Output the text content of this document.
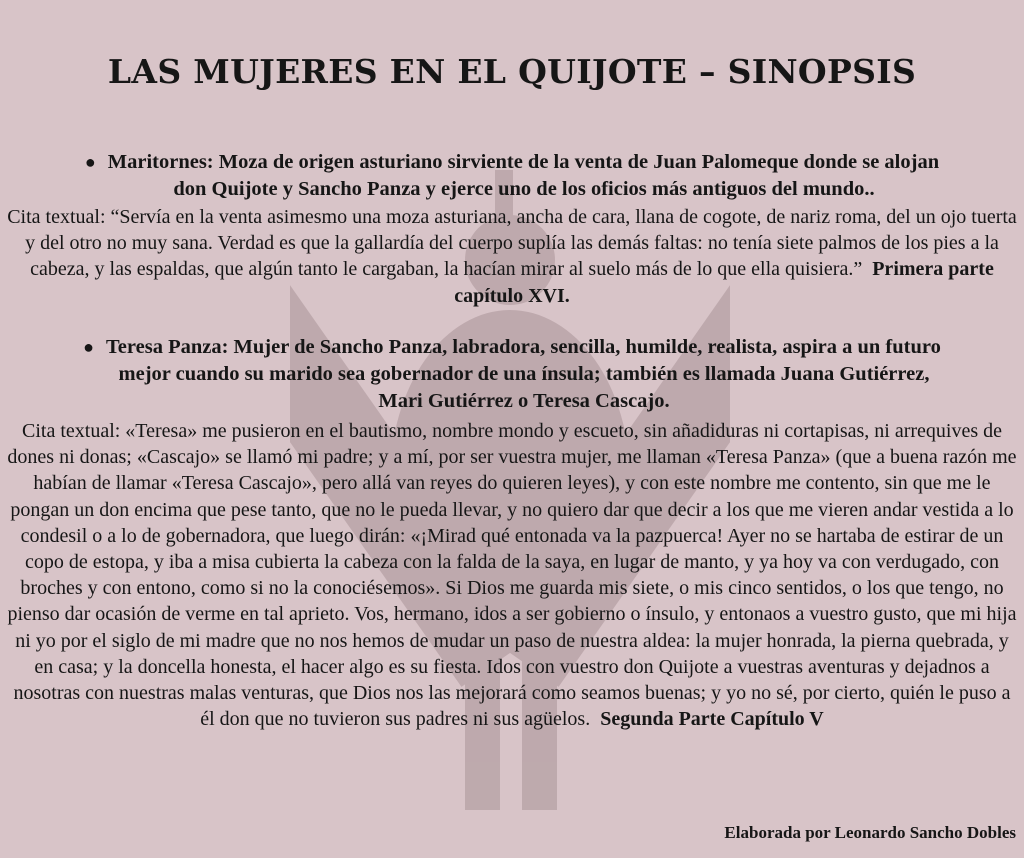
LAS MUJERES EN EL QUIJOTE – SINOPSIS
● Maritornes: Moza de origen asturiano sirviente de la venta de Juan Palomeque donde se alojan
don Quijote y Sancho Panza y ejerce uno de los oficios más antiguos del mundo..
Cita textual: “Servía en la venta asimesmo una moza asturiana, ancha de cara, llana de cogote, de nariz roma, del un ojo tuerta y del otro no muy sana. Verdad es que la gallardía del cuerpo suplía las demás faltas: no tenía siete palmos de los pies a la cabeza, y las espaldas, que algún tanto le cargaban, la hacían mirar al suelo más de lo que ella quisiera.” Primera parte capítulo XVI.
● Teresa Panza: Mujer de Sancho Panza, labradora, sencilla, humilde, realista, aspira a un futuro
mejor cuando su marido sea gobernador de una ínsula; también es llamada Juana Gutiérrez,
Mari Gutiérrez o Teresa Cascajo.
Cita textual: «Teresa» me pusieron en el bautismo, nombre mondo y escueto, sin añadiduras ni cortapisas, ni arrequives de dones ni donas; «Cascajo» se llamó mi padre; y a mí, por ser vuestra mujer, me llaman «Teresa Panza» (que a buena razón me habían de llamar «Teresa Cascajo», pero allá van reyes do quieren leyes), y con este nombre me contento, sin que me le pongan un don encima que pese tanto, que no le pueda llevar, y no quiero dar que decir a los que me vieren andar vestida a lo condesil o a lo de gobernadora, que luego dirán: «¡Mirad qué entonada va la pazpuerca! Ayer no se hartaba de estirar de un copo de estopa, y iba a misa cubierta la cabeza con la falda de la saya, en lugar de manto, y ya hoy va con verdugado, con broches y con entono, como si no la conociésemos». Si Dios me guarda mis siete, o mis cinco sentidos, o los que tengo, no pienso dar ocasión de verme en tal aprieto. Vos, hermano, idos a ser gobierno o ínsulo, y entonaos a vuestro gusto, que mi hija ni yo por el siglo de mi madre que no nos hemos de mudar un paso de nuestra aldea: la mujer honrada, la pierna quebrada, y en casa; y la doncella honesta, el hacer algo es su fiesta. Idos con vuestro don Quijote a vuestras aventuras y dejadnos a nosotras con nuestras malas venturas, que Dios nos las mejorará como seamos buenas; y yo no sé, por cierto, quién le puso a él don que no tuvieron sus padres ni sus agüelos. Segunda Parte Capítulo V
Elaborada por Leonardo Sancho Dobles
